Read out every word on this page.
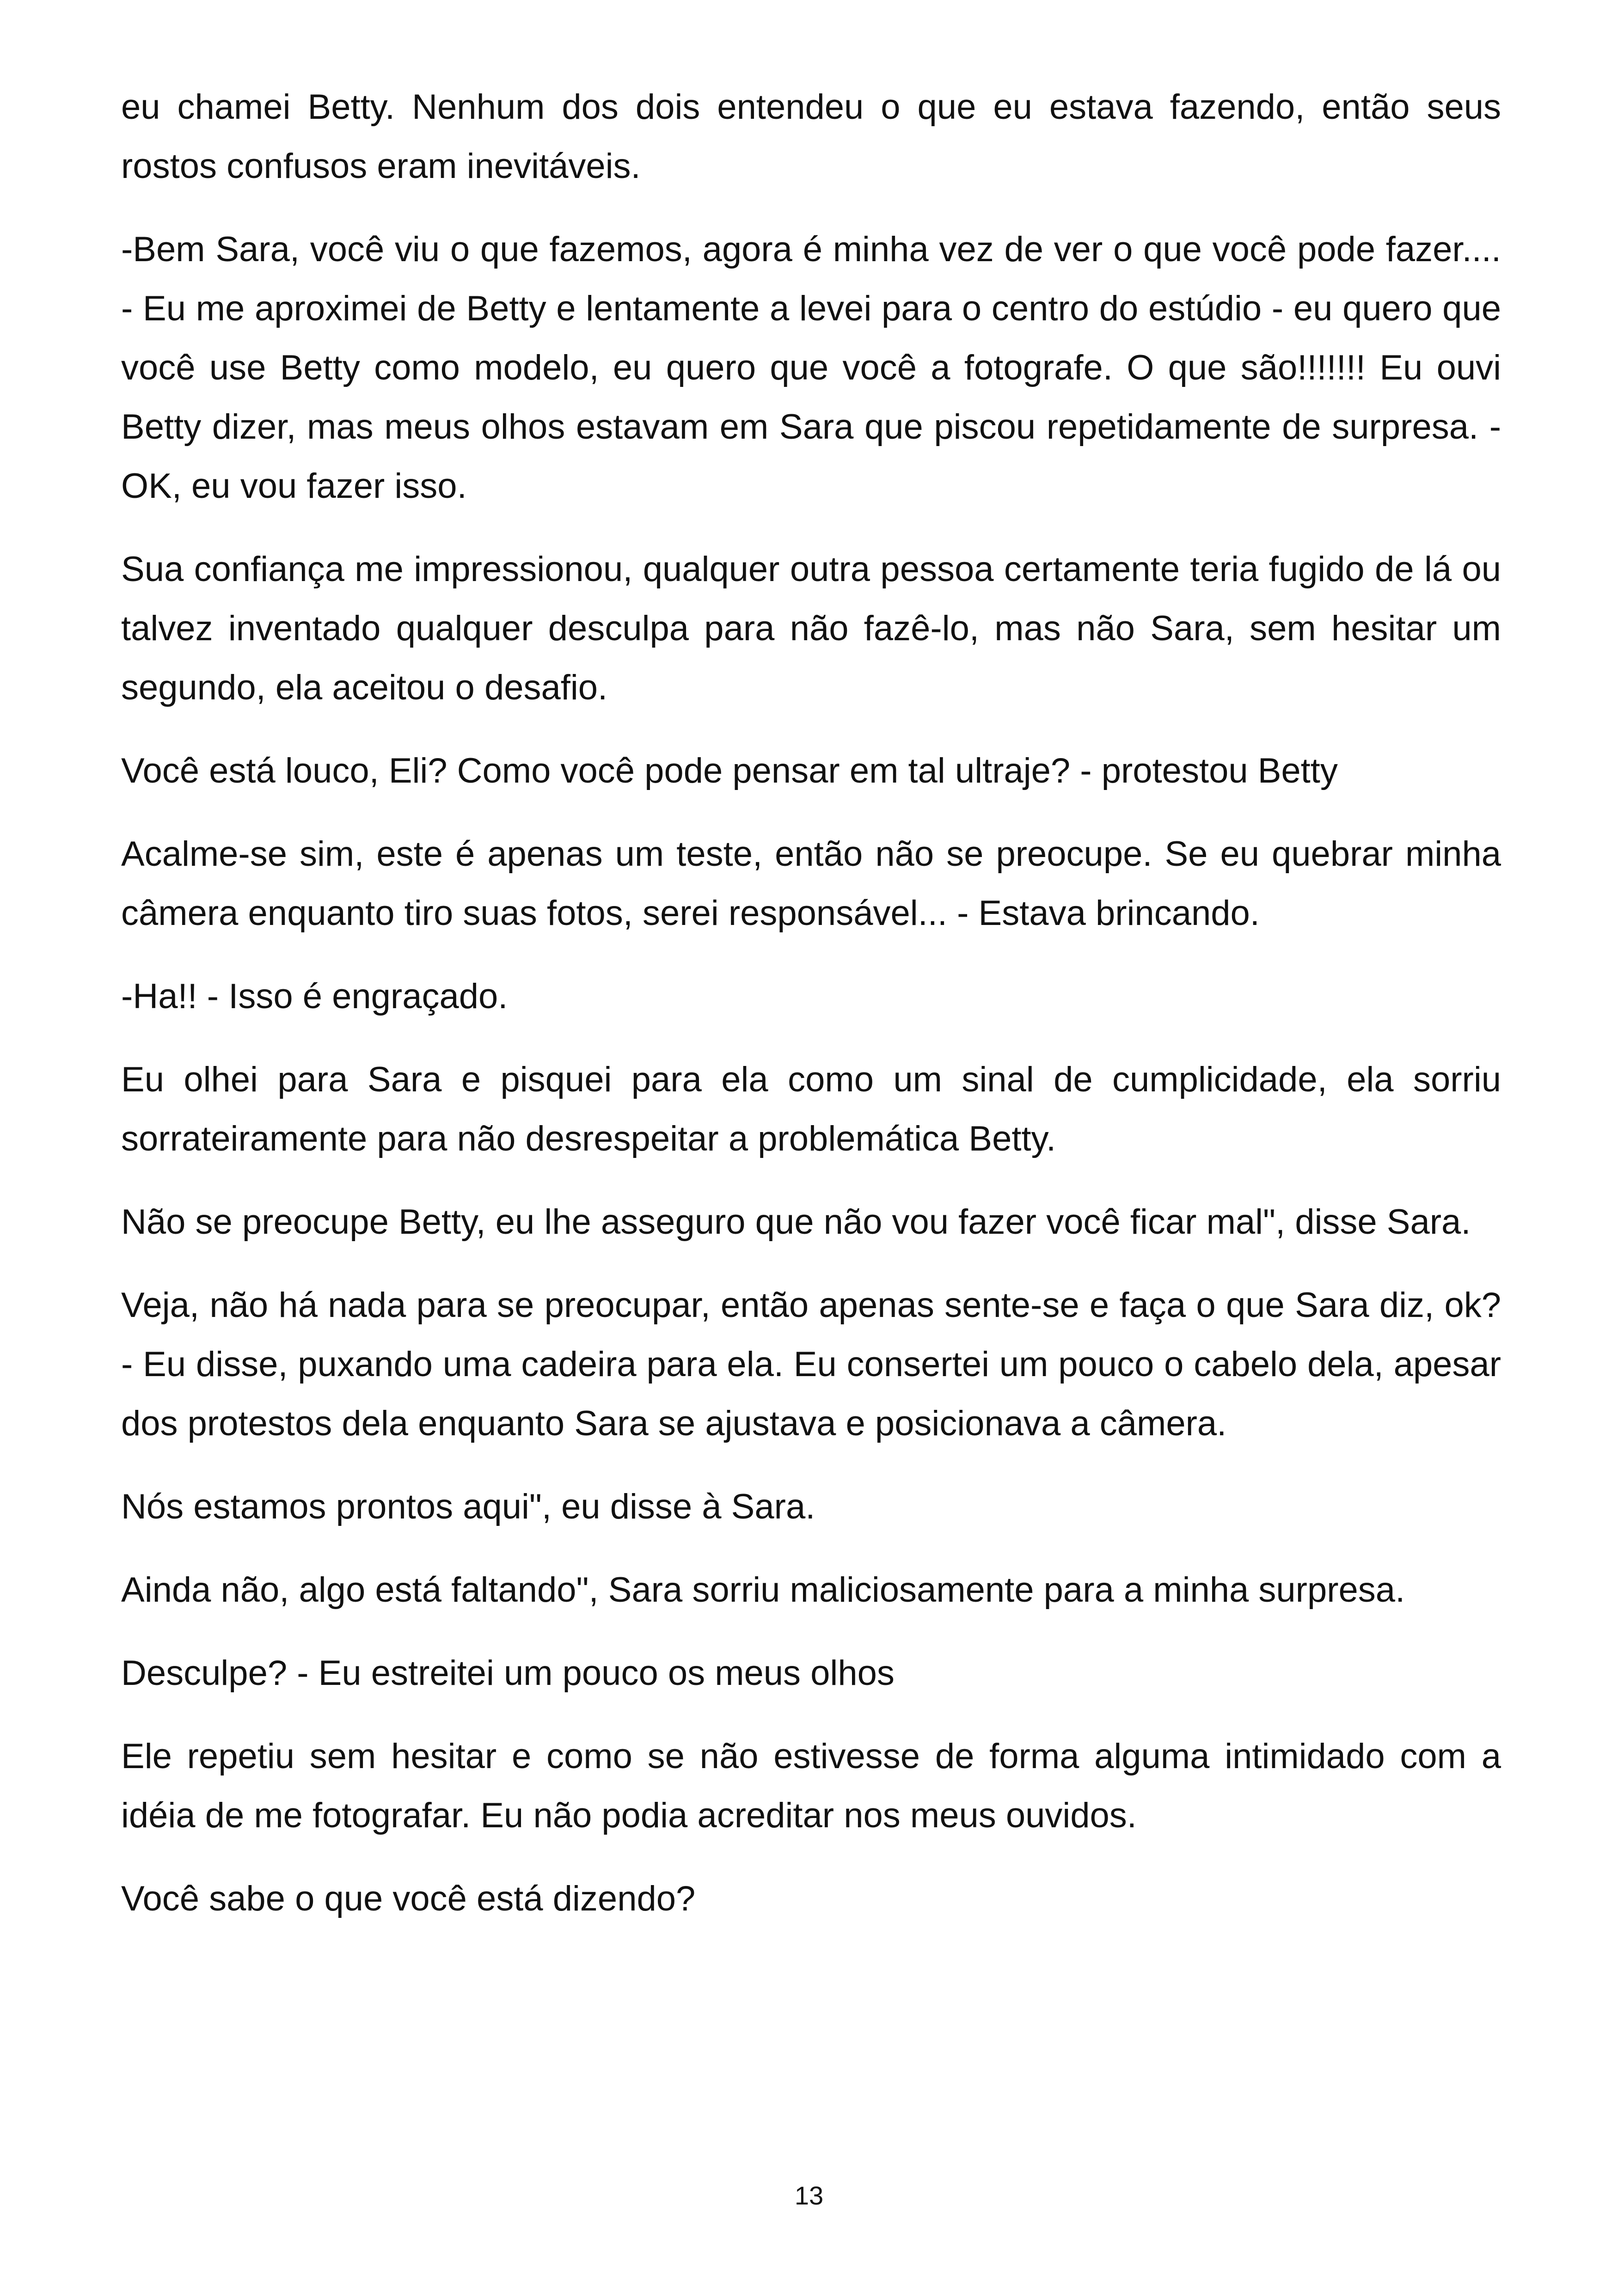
eu chamei Betty. Nenhum dos dois entendeu o que eu estava fazendo, então seus rostos confusos eram inevitáveis.

-Bem Sara, você viu o que fazemos, agora é minha vez de ver o que você pode fazer.... - Eu me aproximei de Betty e lentamente a levei para o centro do estúdio - eu quero que você use Betty como modelo, eu quero que você a fotografe. O que são!!!!!!! Eu ouvi Betty dizer, mas meus olhos estavam em Sara que piscou repetidamente de surpresa. - OK, eu vou fazer isso.

Sua confiança me impressionou, qualquer outra pessoa certamente teria fugido de lá ou talvez inventado qualquer desculpa para não fazê-lo, mas não Sara, sem hesitar um segundo, ela aceitou o desafio.

Você está louco, Eli? Como você pode pensar em tal ultraje? - protestou Betty

Acalme-se sim, este é apenas um teste, então não se preocupe. Se eu quebrar minha câmera enquanto tiro suas fotos, serei responsável... - Estava brincando.

-Ha!! - Isso é engraçado.

Eu olhei para Sara e pisquei para ela como um sinal de cumplicidade, ela sorriu sorrateiramente para não desrespeitar a problemática Betty.

Não se preocupe Betty, eu lhe asseguro que não vou fazer você ficar mal", disse Sara.

Veja, não há nada para se preocupar, então apenas sente-se e faça o que Sara diz, ok? - Eu disse, puxando uma cadeira para ela. Eu consertei um pouco o cabelo dela, apesar dos protestos dela enquanto Sara se ajustava e posicionava a câmera.

Nós estamos prontos aqui", eu disse à Sara.

Ainda não, algo está faltando", Sara sorriu maliciosamente para a minha surpresa.

Desculpe? - Eu estreitei um pouco os meus olhos

Ele repetiu sem hesitar e como se não estivesse de forma alguma intimidado com a idéia de me fotografar. Eu não podia acreditar nos meus ouvidos.

Você sabe o que você está dizendo?

13
